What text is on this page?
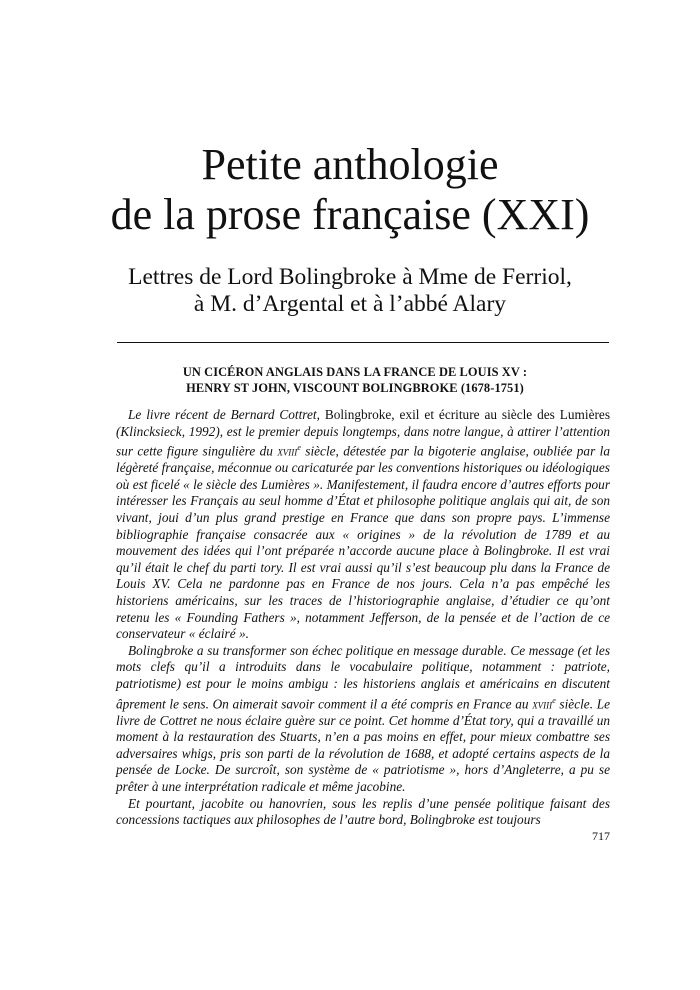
Petite anthologie
de la prose française (XXI)
Lettres de Lord Bolingbroke à Mme de Ferriol,
à M. d’Argental et à l’abbé Alary
UN CICÉRON ANGLAIS DANS LA FRANCE DE LOUIS XV :
HENRY ST JOHN, VISCOUNT BOLINGBROKE (1678-1751)

Le livre récent de Bernard Cottret, Bolingbroke, exil et écriture au siècle des Lumières (Klincksieck, 1992), est le premier depuis longtemps, dans notre langue, à attirer l’attention sur cette figure singulière du xviii$^e$ siècle, détestée par la bigoterie anglaise, oubliée par la légèreté française, méconnue ou caricaturée par les conventions historiques ou idéologiques où est ficelé « le siècle des Lumières ». Manifestement, il faudra encore d’autres efforts pour intéresser les Français au seul homme d’État et philosophe politique anglais qui ait, de son vivant, joui d’un plus grand prestige en France que dans son propre pays. L’immense bibliographie française consacrée aux « origines » de la révolution de 1789 et au mouvement des idées qui l’ont préparée n’accorde aucune place à Bolingbroke. Il est vrai qu’il était le chef du parti tory. Il est vrai aussi qu’il s’est beaucoup plu dans la France de Louis XV. Cela ne pardonne pas en France de nos jours. Cela n’a pas empêché les historiens américains, sur les traces de l’historiographie anglaise, d’étudier ce qu’ont retenu les « Founding Fathers », notamment Jefferson, de la pensée et de l’action de ce conservateur « éclairé ».

Bolingbroke a su transformer son échec politique en message durable. Ce message (et les mots clefs qu’il a introduits dans le vocabulaire politique, notamment : patriote, patriotisme) est pour le moins ambigu : les historiens anglais et américains en discutent âprement le sens. On aimerait savoir comment il a été compris en France au xviii$^e$ siècle. Le livre de Cottret ne nous éclaire guère sur ce point. Cet homme d’État tory, qui a travaillé un moment à la restauration des Stuarts, n’en a pas moins en effet, pour mieux combattre ses adversaires whigs, pris son parti de la révolution de 1688, et adopté certains aspects de la pensée de Locke. De surcroît, son système de « patriotisme », hors d’Angleterre, a pu se prêter à une interprétation radicale et même jacobine.

Et pourtant, jacobite ou hanovrien, sous les replis d’une pensée politique faisant des concessions tactiques aux philosophes de l’autre bord, Bolingbroke est toujours

717
